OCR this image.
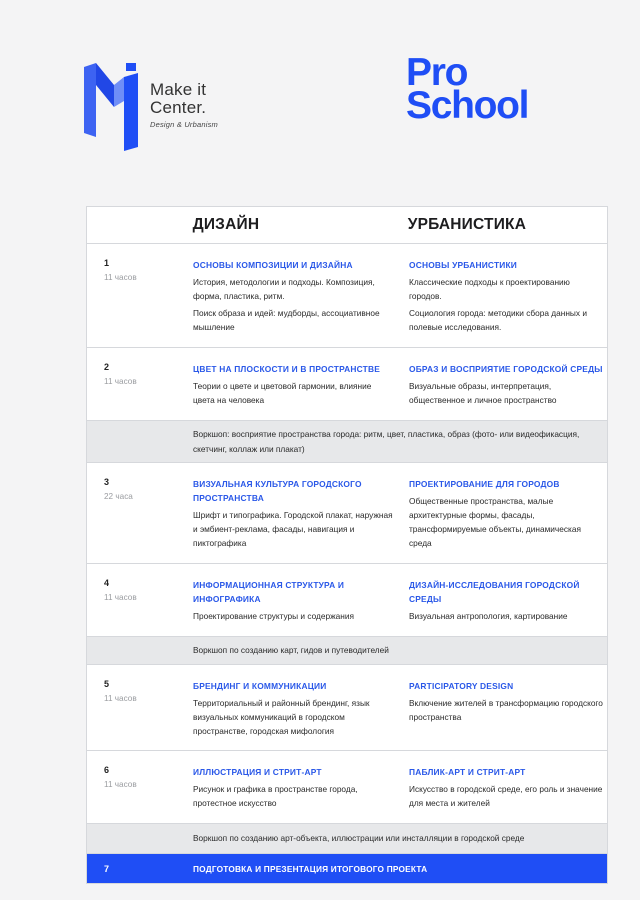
Make it
Center.
Design & Urbanism
Pro
School
ДИЗАЙН	УРБАНИСТИКА
1
11 часов
ОСНОВЫ КОМПОЗИЦИИ И ДИЗАЙНА
История, методологии и подходы. Композиция, форма, пластика, ритм.
Поиск образа и идей: мудборды, ассоциативное мышление
ОСНОВЫ УРБАНИСТИКИ
Классические подходы к проектированию городов.
Социология города: методики сбора данных и полевые исследования.
2
11 часов
ЦВЕТ НА ПЛОСКОСТИ И В ПРОСТРАНСТВЕ
Теории о цвете и цветовой гармонии, влияние цвета на человека
ОБРАЗ И ВОСПРИЯТИЕ ГОРОДСКОЙ СРЕДЫ
Визуальные образы, интерпретация, общественное и личное пространство
Воркшоп: восприятие пространства города: ритм, цвет, пластика, образ (фото- или видеофикасция, скетчинг, коллаж или плакат)
3
22 часа
ВИЗУАЛЬНАЯ КУЛЬТУРА ГОРОДСКОГО ПРОСТРАНСТВА
Шрифт и типографика. Городской плакат, наружная и эмбиент-реклама, фасады, навигация и пиктографика
ПРОЕКТИРОВАНИЕ ДЛЯ ГОРОДОВ
Общественные пространства, малые архитектурные формы, фасады, трансформируемые объекты, динамическая среда
4
11 часов
ИНФОРМАЦИОННАЯ СТРУКТУРА И ИНФОГРАФИКА
Проектирование структуры и содержания
ДИЗАЙН-ИССЛЕДОВАНИЯ ГОРОДСКОЙ СРЕДЫ
Визуальная антропология, картирование
Воркшоп по созданию карт, гидов и путеводителей
5
11 часов
БРЕНДИНГ И КОММУНИКАЦИИ
Территориальный и районный брендинг, язык визуальных коммуникаций в городском пространстве, городская мифология
PARTICIPATORY DESIGN
Включение жителей в трансформацию городского пространства
6
11 часов
ИЛЛЮСТРАЦИЯ И СТРИТ-АРТ
Рисунок и графика в пространстве города, протестное искусство
ПАБЛИК-АРТ И СТРИТ-АРТ
Искусство в городской среде, его роль и значение для места и жителей
Воркшоп по созданию арт-объекта, иллюстрации или инсталляции в городской среде
7	ПОДГОТОВКА И ПРЕЗЕНТАЦИЯ ИТОГОВОГО ПРОЕКТА
